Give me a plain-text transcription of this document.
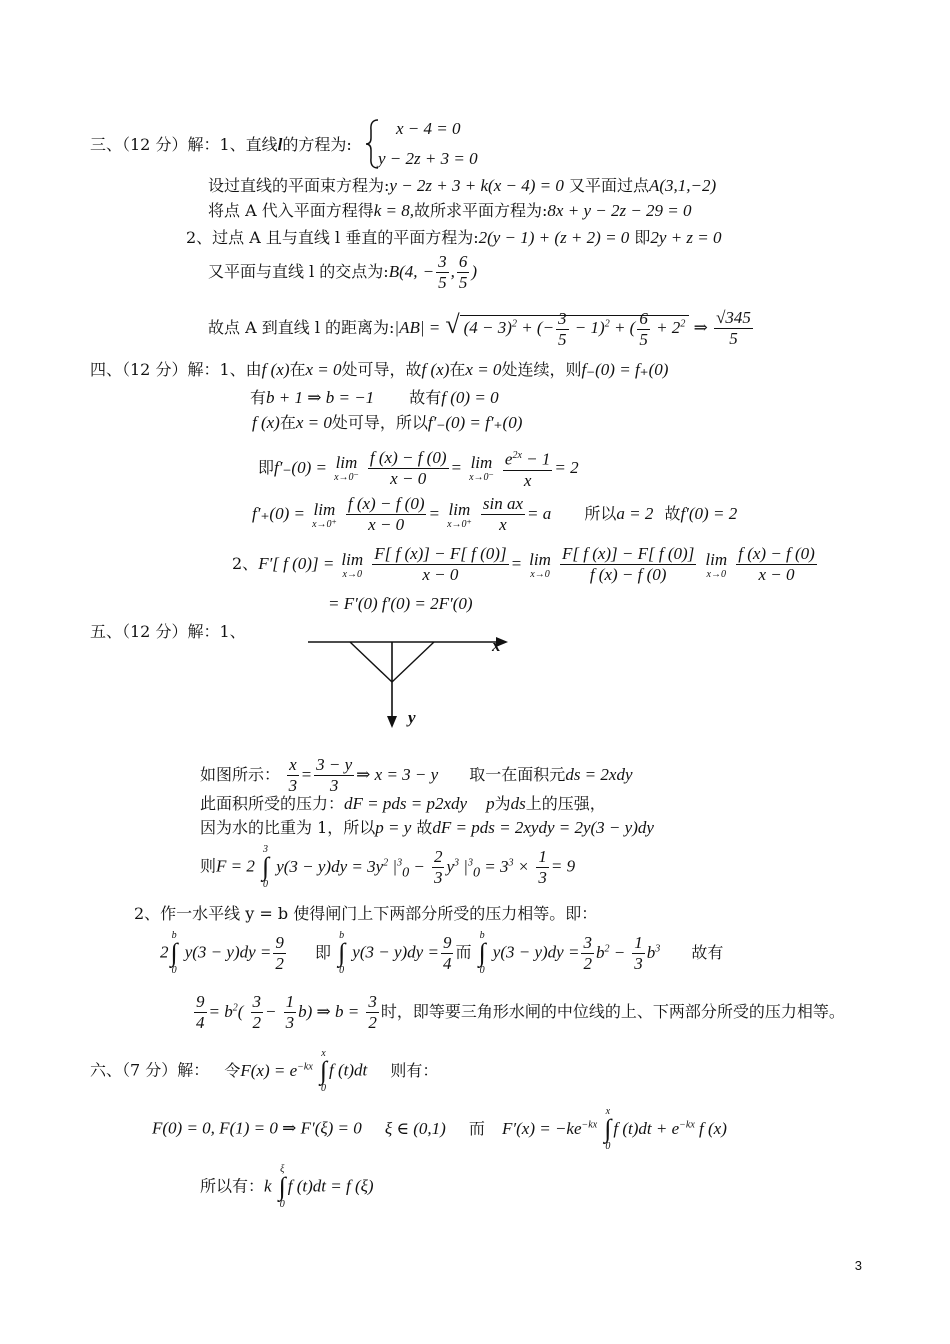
三、（12 分）解：1、直线l的方程为:
x − 4 = 0
y − 2z + 3 = 0
设过直线的平面束方程为:y − 2z + 3 + k(x − 4) = 0 又平面过点A(3,1,−2)
将点 A 代入平面方程得k = 8,故所求平面方程为:8x + y − 2z − 29 = 0
2、过点 A 且与直线 l 垂直的平面方程为:2(y − 1) + (z + 2) = 0 即2y + z = 0
又平面与直线 l 的交点为:B(4, − $\frac{3}{5}$ , $\frac{6}{5}$ )
故点 A 到直线 l 的距离为:|AB| = √ $(4 - 3)^2$ + (− $\frac{3}{5} - 1)^2$ + ( $\frac{6}{5} + 2^2$ ⇒ $\frac{√345}{5}$
四、（12 分）解：1、由f (x)在x = 0处可导，故f (x)在x = 0处连续，则f₋(0) = f₊(0)
有b + 1 ⇒ b = −1 故有f (0) = 0
f (x)在x = 0处可导，所以f′₋(0) = f′₊(0)
即f′₋(0) = lim
x→0⁻
$\frac{f (x) - f (0)}{x - 0} = \lim$
x→0⁻
$\frac{e^{2x} - 1}{x} = 2$
f′₊(0) = lim
x→0⁺
$\frac{f (x) - f (0)}{x - 0} = \lim$
x→0⁺
$\frac{\text{sin ax}}{x} = a$ 所以a = 2 故f′(0) = 2
2、F′[ f (0)] = lim
x→0
$\frac{F[ f (x)] - F[ f (0)]}{x - 0} = \lim$
x→0
$\frac{F[ f (x)] - F[ f (0)]}{f (x) - f (0)}$
lim
x→0
$\frac{f (x) - f (0)}{x - 0}$
= F′(0) f′(0) = 2F′(0)
五、（12 分）解：1、
x
y
如图所示： $\frac{x}{3} = \frac{3 - y}{3}$ ⇒ x = 3 − y 取一在面积元ds = 2xdy
此面积所受的压力：dF = pds = p2xdy p为ds上的压强，
因为水的比重为 1，所以p = y 故dF = pds = 2xydy = 2y(3 − y)dy
则F = 2
3
∫
0
$y(3 - y)dy = 3y^2$ $|^3_0 - \frac{2}{3} y^3$ $|^3_0 = 3^3 \times \frac{1}{3} = 9$
2、作一水平线 y = b 使得闸门上下两部分所受的压力相等。即：
2
b
∫
0
$y(3 - y)dy = \frac{9}{2}$ 即
b
∫
0
$y(3 - y)dy = \frac{9}{4}$ 而
b
∫
0
$y(3 - y)dy = \frac{3}{2} b^2 - \frac{1}{3} b^3$ 故有
$\frac{9}{4} = b^2( \frac{3}{2} - \frac{1}{3} b)$ ⇒ $b = \frac{3}{2}$ 时，即等要三角形水闸的中位线的上、下两部分所受的压力相等。
六、（7 分）解： 令$F(x) = e^{-kx}$
x
∫
0
f (t)dt 则有：
F(0) = 0, F(1) = 0 ⇒ F′(ξ) = 0 ξ ∈ (0,1) 而 $F'(x) = -ke^{-kx}$
x
∫
0
f $(t)dt + e^{-kx}$ f (x)
所以有：k
ξ
∫
0
f (t)dt = f (ξ)
3
